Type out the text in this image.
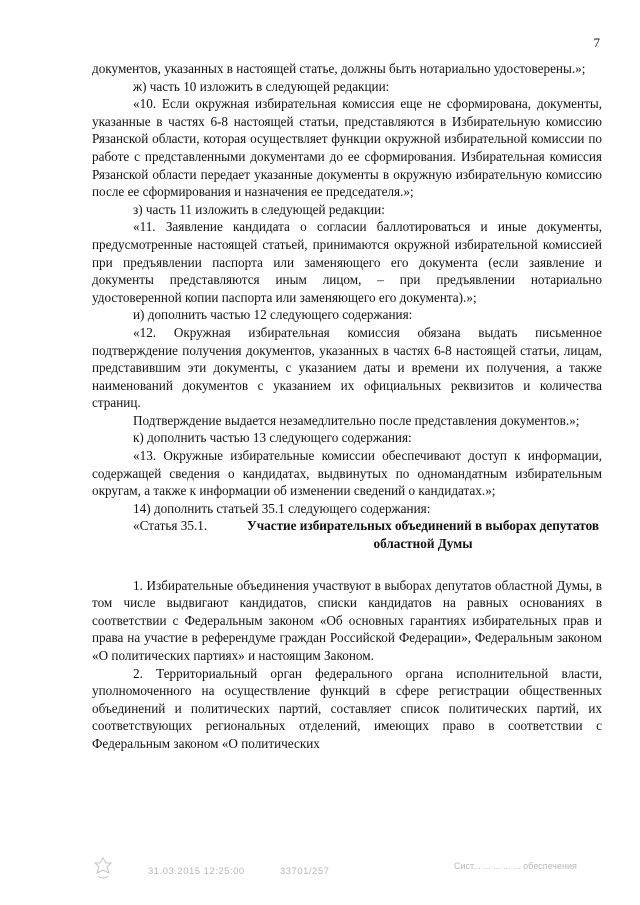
7

документов, указанных в настоящей статье, должны быть нотариально удостоверены.»;

ж) часть 10 изложить в следующей редакции:

«10. Если окружная избирательная комиссия еще не сформирована, документы, указанные в частях 6-8 настоящей статьи, представляются в Избирательную комиссию Рязанской области, которая осуществляет функции окружной избирательной комиссии по работе с представленными документами до ее сформирования. Избирательная комиссия Рязанской области передает указанные документы в окружную избирательную комиссию после ее сформирования и назначения ее председателя.»;

з) часть 11 изложить в следующей редакции:

«11. Заявление кандидата о согласии баллотироваться и иные документы, предусмотренные настоящей статьей, принимаются окружной избирательной комиссией при предъявлении паспорта или заменяющего его документа (если заявление и документы представляются иным лицом, – при предъявлении нотариально удостоверенной копии паспорта или заменяющего его документа).»;

и) дополнить частью 12 следующего содержания:

«12. Окружная избирательная комиссия обязана выдать письменное подтверждение получения документов, указанных в частях 6-8 настоящей статьи, лицам, представившим эти документы, с указанием даты и времени их получения, а также наименований документов с указанием их официальных реквизитов и количества страниц.

Подтверждение выдается незамедлительно после представления документов.»;

к) дополнить частью 13 следующего содержания:

«13. Окружные избирательные комиссии обеспечивают доступ к информации, содержащей сведения о кандидатах, выдвинутых по одномандатным избирательным округам, а также к информации об изменении сведений о кандидатах.»;

14) дополнить статьей 35.1 следующего содержания:

«Статья 35.1.	Участие избирательных объединений в выборах депутатов областной Думы

1. Избирательные объединения участвуют в выборах депутатов областной Думы, в том числе выдвигают кандидатов, списки кандидатов на равных основаниях в соответствии с Федеральным законом «Об основных гарантиях избирательных прав и права на участие в референдуме граждан Российской Федерации», Федеральным законом «О политических партиях» и настоящим Законом.

2. Территориальный орган федерального органа исполнительной власти, уполномоченного на осуществление функций в сфере регистрации общественных объединений и политических партий, составляет список политических партий, их соответствующих региональных отделений, имеющих право в соответствии с Федеральным законом «О политических

31.03.2015 12:25:00	33701/257	Сист... ... ... ... ... обеспечения
